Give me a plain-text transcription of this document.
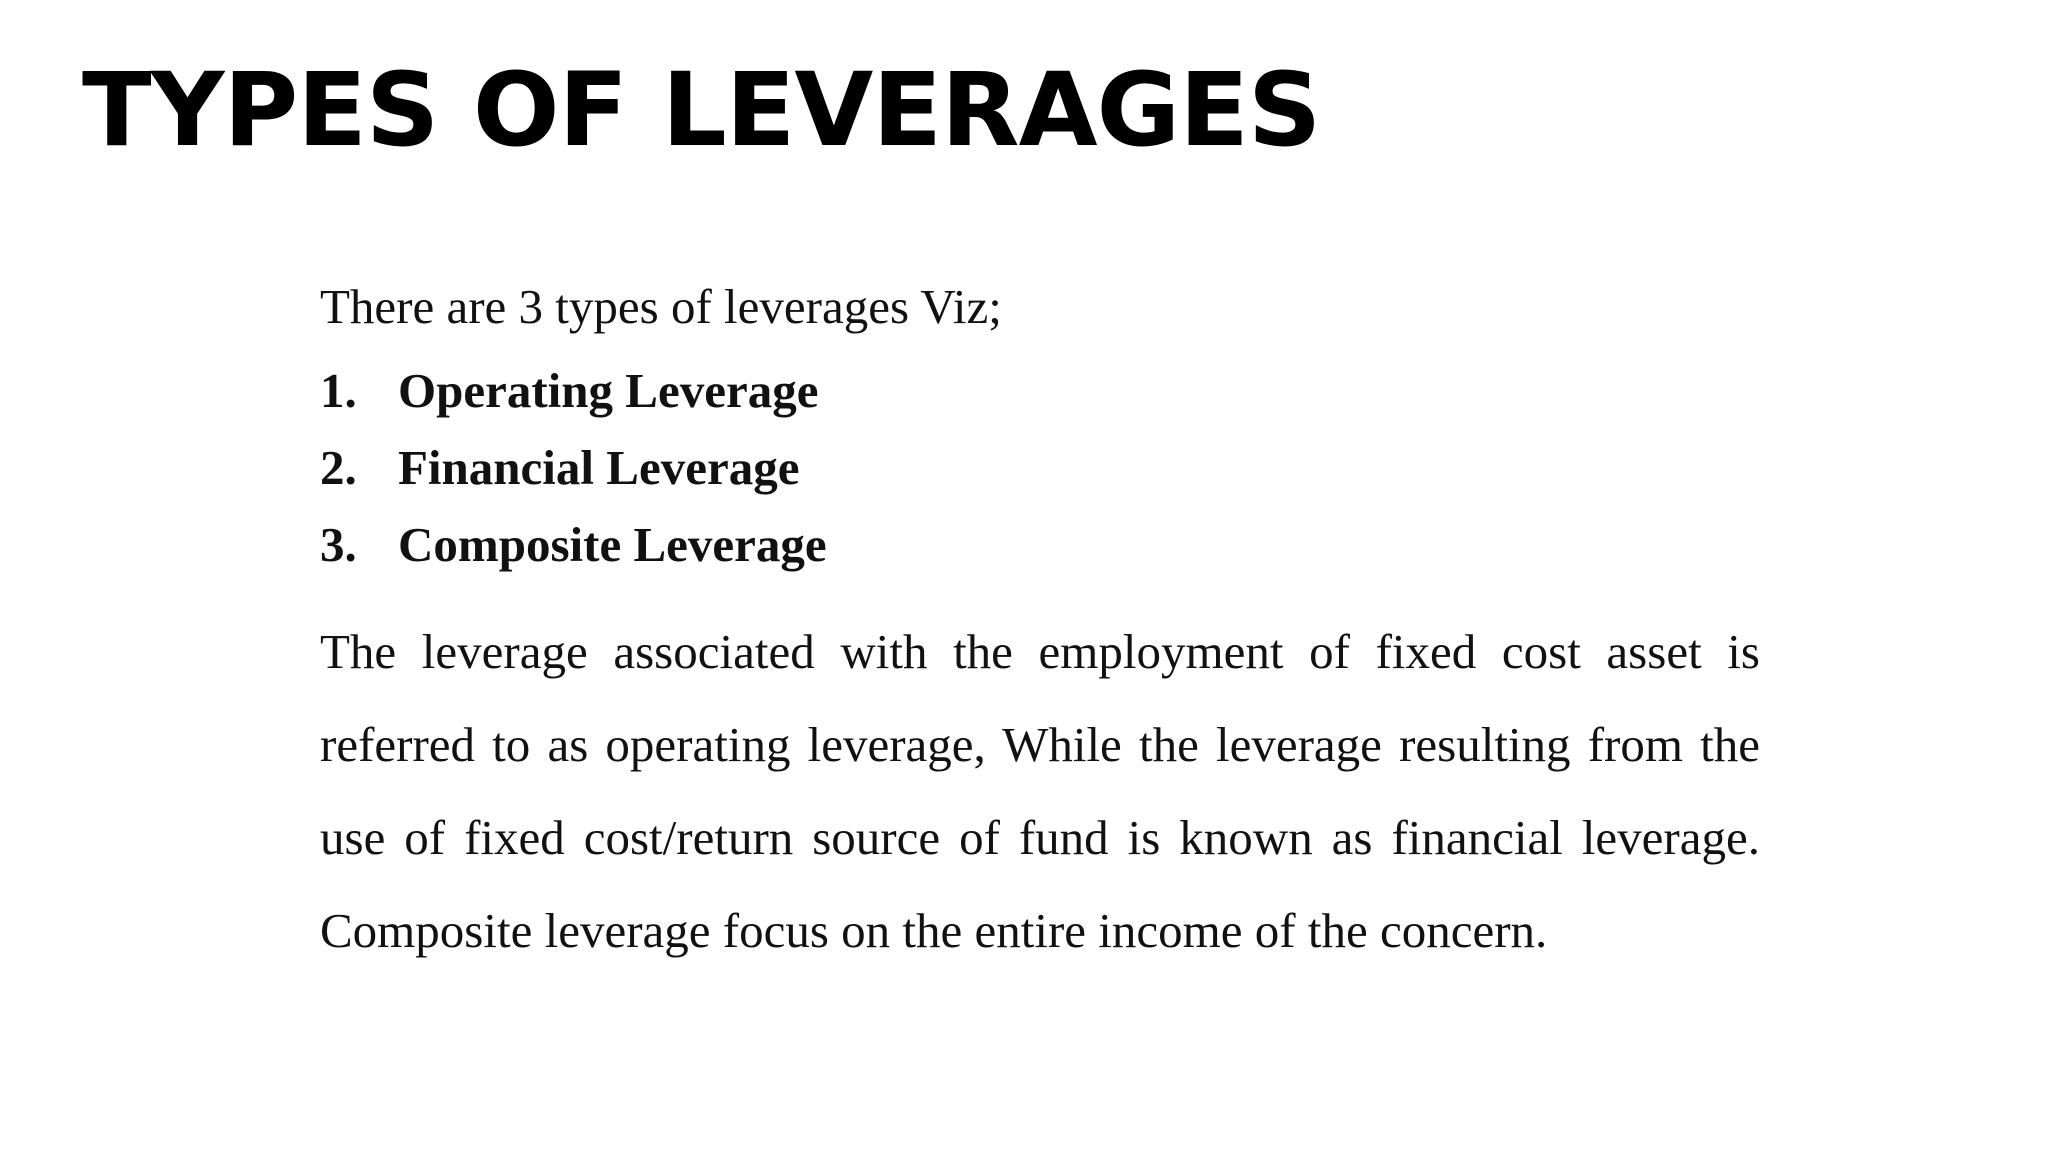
TYPES OF LEVERAGES

There are 3 types of leverages Viz;

1. Operating Leverage
2. Financial Leverage
3. Composite Leverage

The leverage associated with the employment of fixed cost asset is referred to as operating leverage, While the leverage resulting from the use of fixed cost/return source of fund is known as financial leverage. Composite leverage focus on the entire income of the concern.
